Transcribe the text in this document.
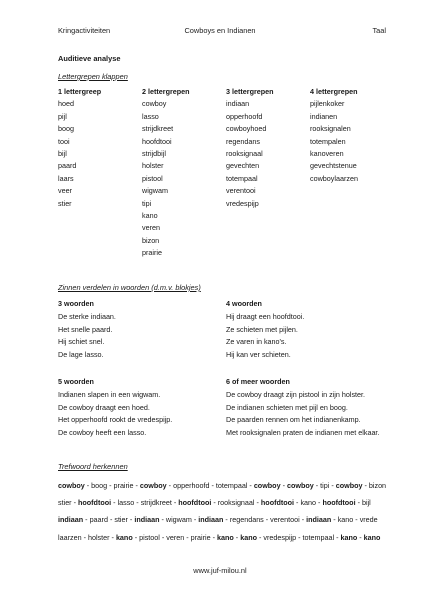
Kringactiviteiten	Cowboys en Indianen	Taal
Auditieve analyse
Lettergrepen klappen
1 lettergreep
hoed
pijl
boog
tooi
bijl
paard
laars
veer
stier
2 lettergrepen
cowboy
lasso
strijdkreet
hoofdtooi
strijdbijl
holster
pistool
wigwam
tipi
kano
veren
bizon
prairie
3 lettergrepen
indiaan
opperhoofd
cowboyhoed
regendans
rooksignaal
gevechten
totempaal
verentooi
vredespijp
4 lettergrepen
pijlenkoker
indianen
rooksignalen
totempalen
kanoveren
gevechtstenue
cowboylaarzen
Zinnen verdelen in woorden (d.m.v. blokjes)
3 woorden
De sterke indiaan.
Het snelle paard.
Hij schiet snel.
De lage lasso.
4 woorden
Hij draagt een hoofdtooi.
Ze schieten met pijlen.
Ze varen in kano's.
Hij kan ver schieten.
5 woorden
Indianen slapen in een wigwam.
De cowboy draagt een hoed.
Het opperhoofd rookt de vredespijp.
De cowboy heeft een lasso.
6 of meer woorden
De cowboy draagt zijn pistool in zijn holster.
De indianen schieten met pijl en boog.
De paarden rennen om het indianenkamp.
Met rooksignalen praten de indianen met elkaar.
Trefwoord herkennen
cowboy - boog - prairie - cowboy - opperhoofd - totempaal - cowboy - cowboy - tipi - cowboy - bizon
stier - hoofdtooi - lasso - strijdkreet - hoofdtooi - rooksignaal - hoofdtooi - kano - hoofdtooi - bijl
indiaan - paard - stier - indiaan - wigwam - indiaan - regendans - verentooi - indiaan - kano - vrede
laarzen - holster - kano - pistool - veren - prairie - kano - kano - vredespijp - totempaal - kano - kano
www.juf-milou.nl
